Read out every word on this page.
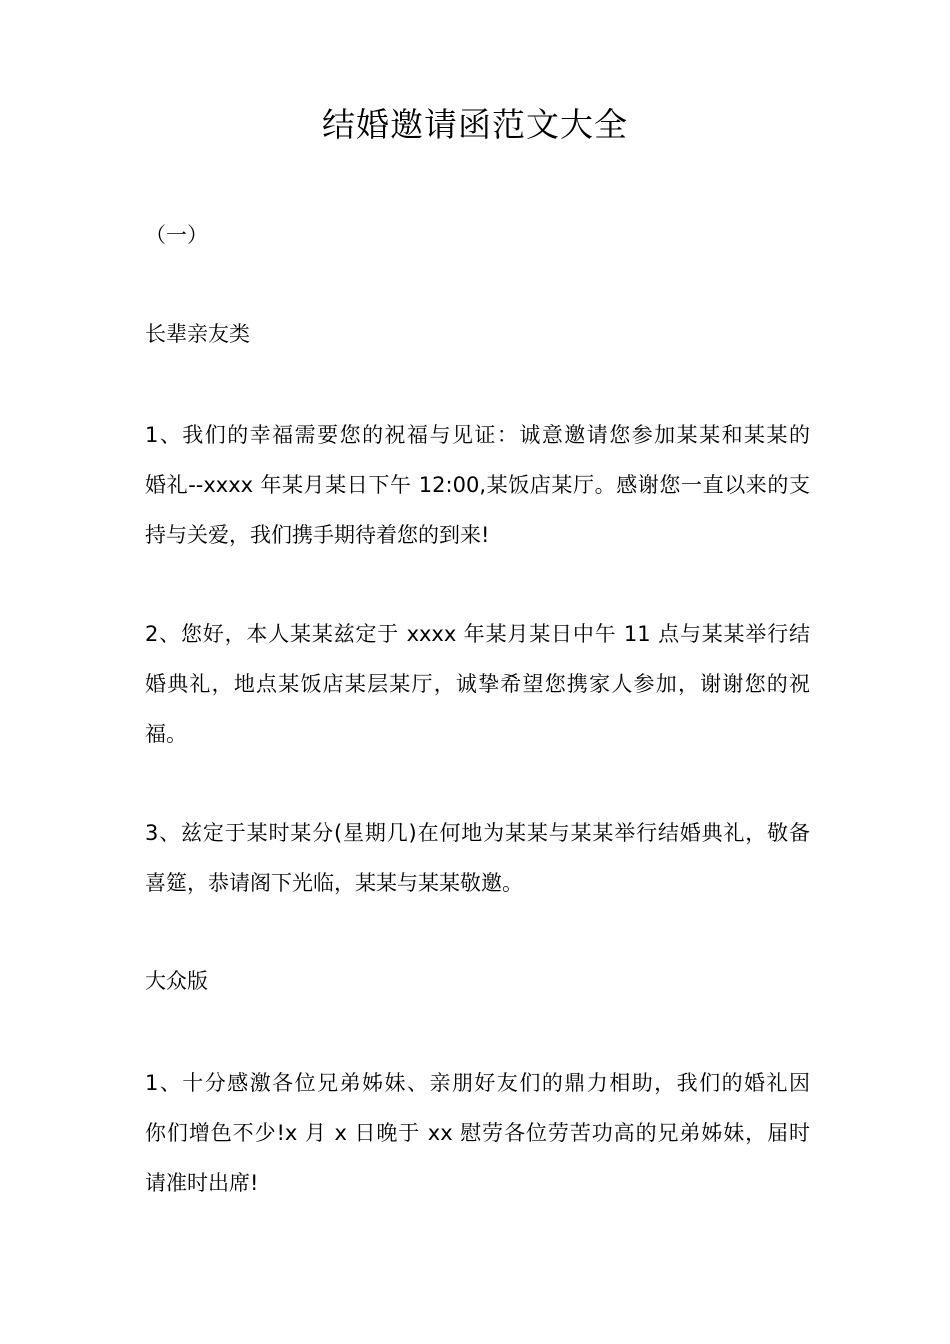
结婚邀请函范文大全

（一）

长辈亲友类

1、我们的幸福需要您的祝福与见证：诚意邀请您参加某某和某某的
婚礼--xxxx 年某月某日下午 12:00,某饭店某厅。感谢您一直以来的支
持与关爱，我们携手期待着您的到来!
2、您好，本人某某兹定于 xxxx 年某月某日中午 11 点与某某举行结
婚典礼，地点某饭店某层某厅，诚挚希望您携家人参加，谢谢您的祝
福。
3、兹定于某时某分(星期几)在何地为某某与某某举行结婚典礼，敬备
喜筵，恭请阁下光临，某某与某某敬邀。

大众版

1、十分感激各位兄弟姊妹、亲朋好友们的鼎力相助，我们的婚礼因
你们增色不少!x 月 x 日晚于 xx 慰劳各位劳苦功高的兄弟姊妹，届时
请准时出席!
